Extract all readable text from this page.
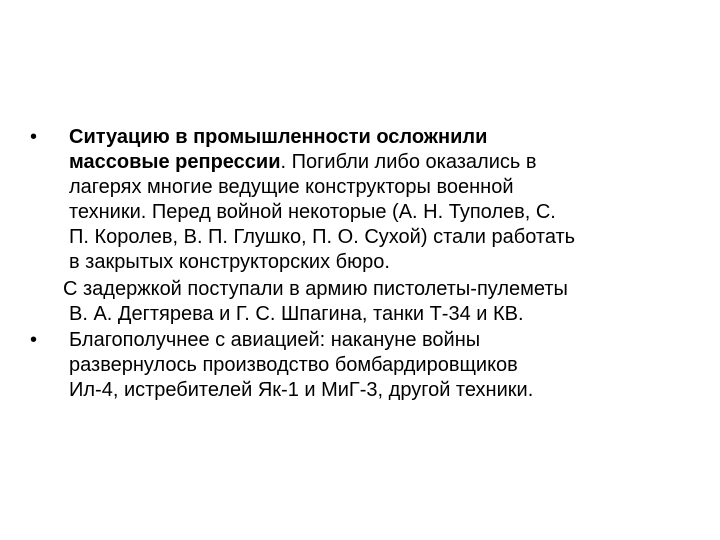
• Ситуацию в промышленности осложнили
массовые репрессии. Погибли либо оказались в
лагерях многие ведущие конструкторы военной
техники. Перед войной некоторые (А. Н. Туполев, С.
П. Королев, В. П. Глушко, П. О. Сухой) стали работать
в закрытых конструкторских бюро.
С задержкой поступали в армию пистолеты-пулеметы
В. А. Дегтярева и Г. С. Шпагина, танки Т-34 и КВ.
• Благополучнее с авиацией: накануне войны
развернулось производство бомбардировщиков
Ил-4, истребителей Як-1 и МиГ-3, другой техники.
